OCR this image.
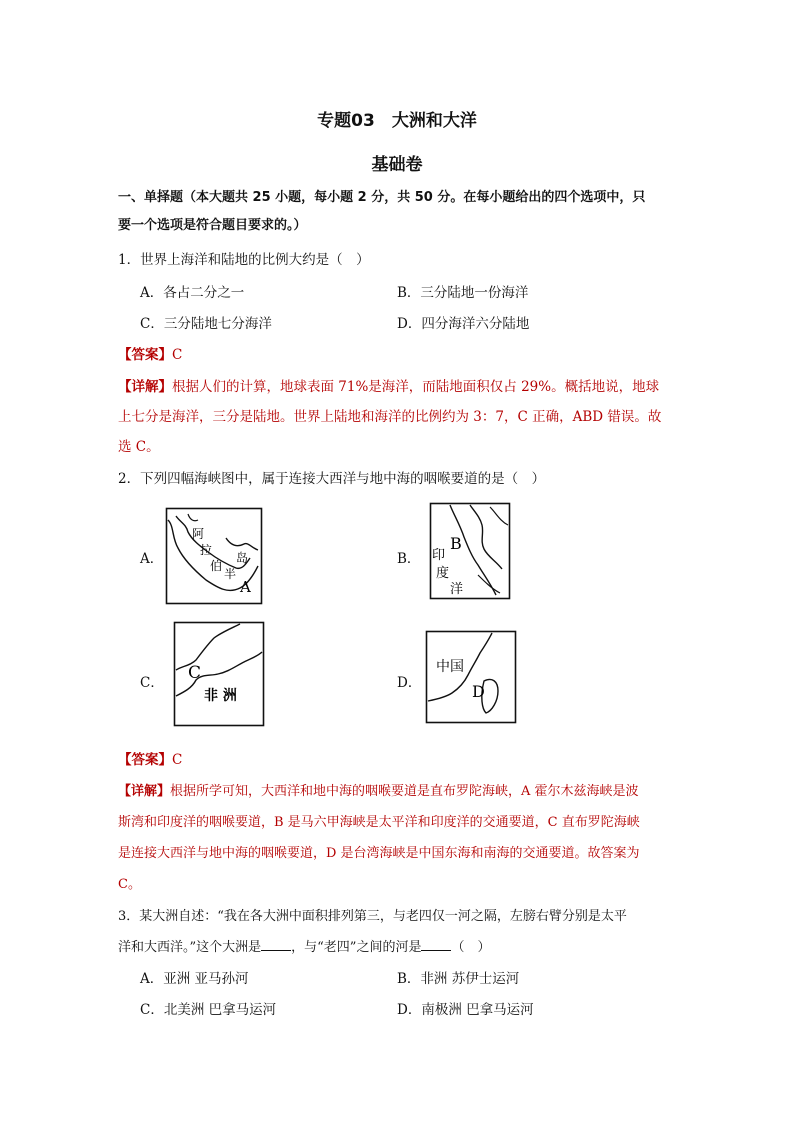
专题03　大洲和大洋
基础卷
一、单择题（本大题共 25 小题，每小题 2 分，共 50 分。在每小题给出的四个选项中，只
要一个选项是符合题目要求的。）
1．世界上海洋和陆地的比例大约是（　）
A．各占二分之一	B．三分陆地一份海洋
C．三分陆地七分海洋	D．四分海洋六分陆地
【答案】C
【详解】根据人们的计算，地球表面 71%是海洋，而陆地面积仅占 29%。概括地说，地球
上七分是海洋，三分是陆地。世界上陆地和海洋的比例约为 3：7，C 正确，ABD 错误。故
选 C。
2．下列四幅海峡图中，属于连接大西洋与地中海的咽喉要道的是（　）
A．
阿
拉
伯
半
岛
A
B．
B
印
度
洋
C． C
非 洲
D．
中国
D
【答案】C
【详解】根据所学可知，大西洋和地中海的咽喉要道是直布罗陀海峡，A 霍尔木兹海峡是波
斯湾和印度洋的咽喉要道，B 是马六甲海峡是太平洋和印度洋的交通要道，C 直布罗陀海峡
是连接大西洋与地中海的咽喉要道，D 是台湾海峡是中国东海和南海的交通要道。故答案为
C。
3．某大洲自述：“我在各大洲中面积排列第三，与老四仅一河之隔，左膀右臂分别是太平
洋和大西洋。”这个大洲是 ，与“老四”之间的河是 （　）
A．亚洲 亚马孙河	B．非洲 苏伊士运河
C．北美洲 巴拿马运河	D．南极洲 巴拿马运河
